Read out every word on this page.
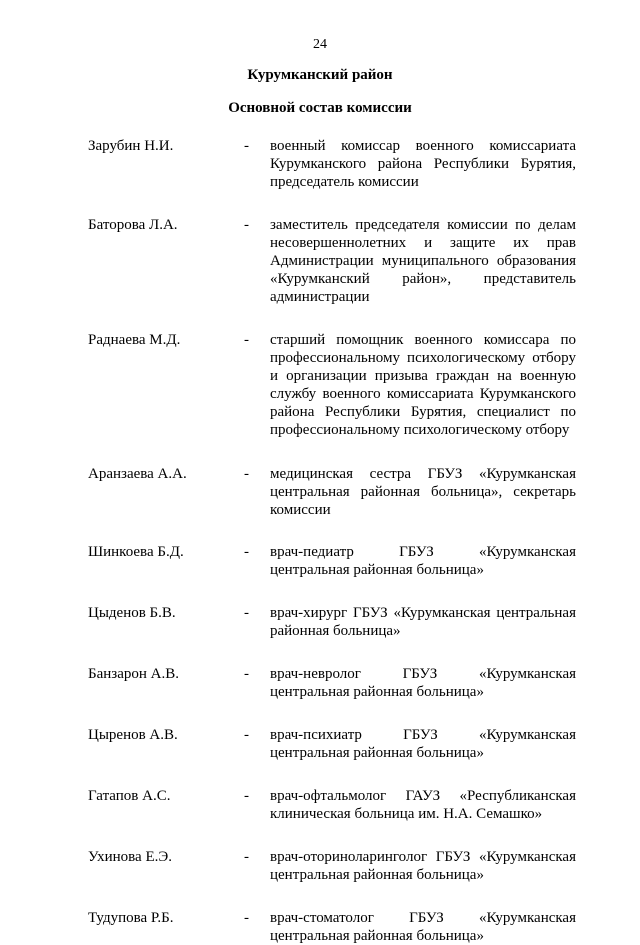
24
Курумканский район
Основной состав комиссии
Зарубин Н.И.	-	военный комиссар военного комиссариата Курумканского района Республики Бурятия, председатель комиссии
Баторова Л.А.	-	заместитель председателя комиссии по делам несовершеннолетних и защите их прав Администрации муниципального образования «Курумканский район», представитель администрации
Раднаева М.Д.	-	старший помощник военного комиссара по профессиональному психологическому отбору и организации призыва граждан на военную службу военного комиссариата Курумканского района Республики Бурятия, специалист по профессиональному психологическому отбору
Аранзаева А.А.	-	медицинская сестра ГБУЗ «Курумканская центральная районная больница», секретарь комиссии
Шинкоева Б.Д.	-	врач-педиатр ГБУЗ «Курумканская центральная районная больница»
Цыденов Б.В.	-	врач-хирург ГБУЗ «Курумканская центральная районная больница»
Банзарон А.В.	-	врач-невролог ГБУЗ «Курумканская центральная районная больница»
Цыренов А.В.	-	врач-психиатр ГБУЗ «Курумканская центральная районная больница»
Гатапов А.С.	-	врач-офтальмолог ГАУЗ «Республиканская клиническая больница им. Н.А. Семашко»
Ухинова Е.Э.	-	врач-оториноларинголог ГБУЗ «Курумканская центральная районная больница»
Тудупова Р.Б.	-	врач-стоматолог ГБУЗ «Курумканская центральная районная больница»
